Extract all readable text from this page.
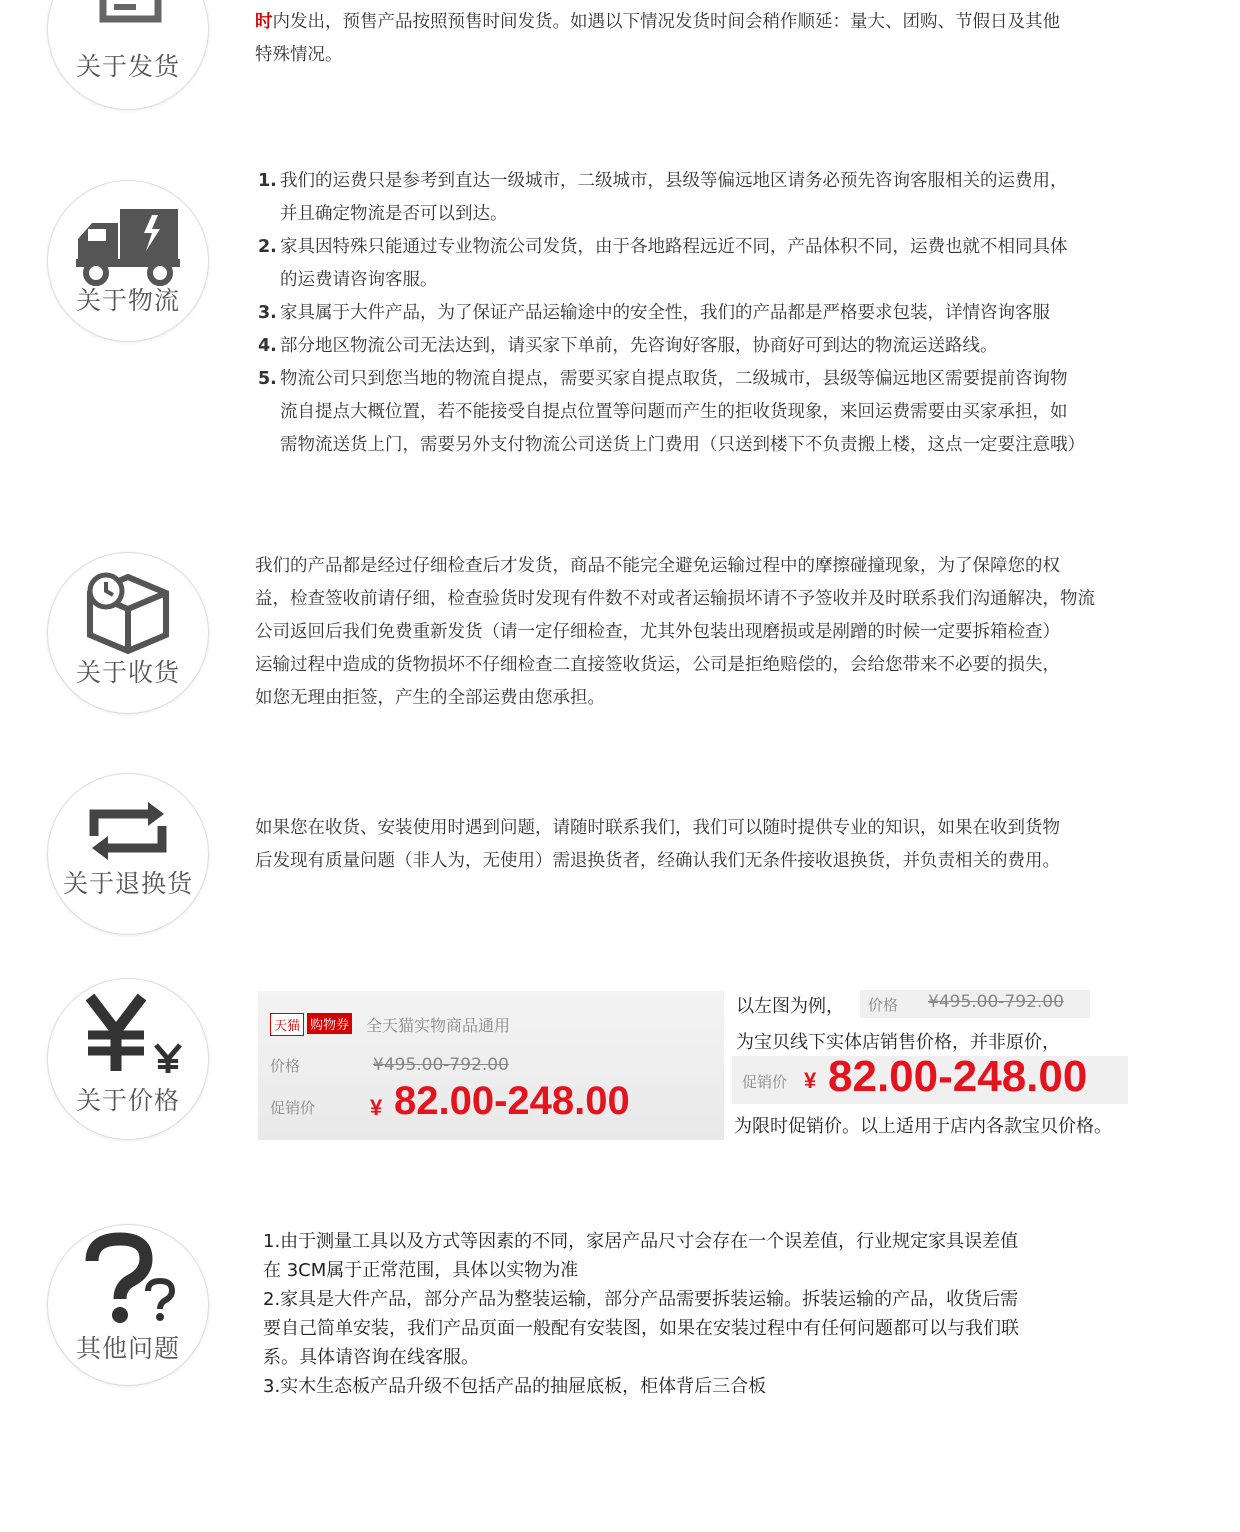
关于发货

时内发出，预售产品按照预售时间发货。如遇以下情况发货时间会稍作顺延：量大、团购、节假日及其他

特殊情况。

关于物流
1. 我们的运费只是参考到直达一级城市，二级城市，县级等偏远地区请务必预先咨询客服相关的运费用，

并且确定物流是否可以到达。

2. 家具因特殊只能通过专业物流公司发货，由于各地路程远近不同，产品体积不同，运费也就不相同具体

的运费请咨询客服。

3. 家具属于大件产品，为了保证产品运输途中的安全性，我们的产品都是严格要求包装，详情咨询客服

4. 部分地区物流公司无法达到，请买家下单前，先咨询好客服，协商好可到达的物流运送路线。

5. 物流公司只到您当地的物流自提点，需要买家自提点取货，二级城市，县级等偏远地区需要提前咨询物

流自提点大概位置，若不能接受自提点位置等问题而产生的拒收货现象，来回运费需要由买家承担，如

需物流送货上门，需要另外支付物流公司送货上门费用（只送到楼下不负责搬上楼，这点一定要注意哦）

关于收货

我们的产品都是经过仔细检查后才发货，商品不能完全避免运输过程中的摩擦碰撞现象，为了保障您的权

益，检查签收前请仔细，检查验货时发现有件数不对或者运输损坏请不予签收并及时联系我们沟通解决，物流

公司返回后我们免费重新发货（请一定仔细检查，尤其外包装出现磨损或是剐蹭的时候一定要拆箱检查）

运输过程中造成的货物损坏不仔细检查二直接签收货运，公司是拒绝赔偿的，会给您带来不必要的损失，

如您无理由拒签，产生的全部运费由您承担。

关于退换货

如果您在收货、安装使用时遇到问题，请随时联系我们，我们可以随时提供专业的知识，如果在收到货物

后发现有质量问题（非人为，无使用）需退换货者，经确认我们无条件接收退换货，并负责相关的费用。

关于价格
天猫 购物券 全天猫实物商品通用
价格	¥495.00-792.00
促销价 ¥ 82.00-248.00
以左图为例， 价格 ¥495.00-792.00
为宝贝线下实体店销售价格，并非原价，
促销价 ¥ 82.00-248.00
为限时促销价。以上适用于店内各款宝贝价格。
其他问题

1.由于测量工具以及方式等因素的不同，家居产品尺寸会存在一个误差值，行业规定家具误差值

在 3CM属于正常范围，具体以实物为准

2.家具是大件产品，部分产品为整装运输，部分产品需要拆装运输。拆装运输的产品，收货后需

要自己简单安装，我们产品页面一般配有安装图，如果在安装过程中有任何问题都可以与我们联

系。具体请咨询在线客服。

3.实木生态板产品升级不包括产品的抽屉底板，柜体背后三合板
